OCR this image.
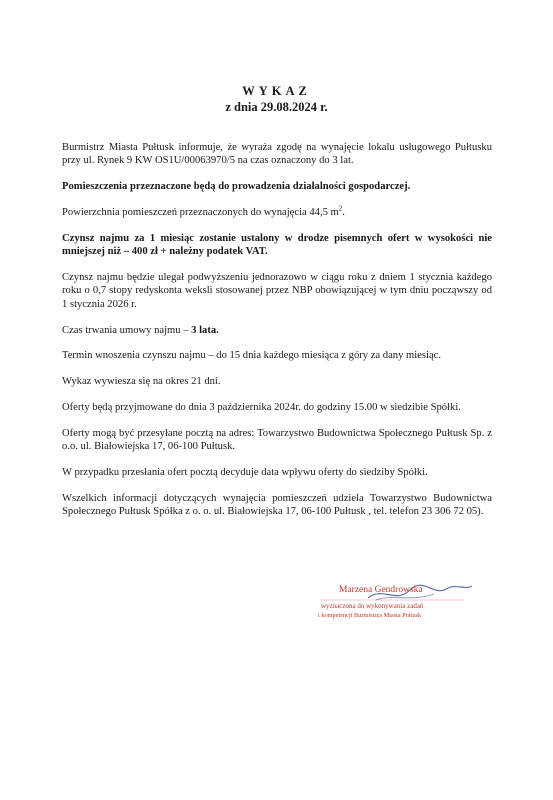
WYKAZ
z dnia 29.08.2024 r.

Burmistrz Miasta Pułtusk informuje, że wyraża zgodę na wynajęcie lokalu usługowego Pułtusku przy ul. Rynek 9 KW OS1U/00063970/5 na czas oznaczony do 3 lat.

Pomieszczenia przeznaczone będą do prowadzenia działalności gospodarczej.

Powierzchnia pomieszczeń przeznaczonych do wynajęcia 44,5 $m^2$.

Czynsz najmu za 1 miesiąc zostanie ustalony w drodze pisemnych ofert w wysokości nie mniejszej niż – 400 zł + należny podatek VAT.

Czynsz najmu będzie ulegał podwyższeniu jednorazowo w ciągu roku z dniem 1 stycznia każdego roku o 0,7 stopy redyskonta weksli stosowanej przez NBP obowiązującej w tym dniu począwszy od 1 stycznia 2026 r.

Czas trwania umowy najmu – 3 lata.

Termin wnoszenia czynszu najmu – do 15 dnia każdego miesiąca z góry za dany miesiąc.

Wykaz wywiesza się na okres 21 dni.

Oferty będą przyjmowane do dnia 3 października 2024r. do godziny 15.00 w siedzibie Spółki.

Oferty mogą być przesyłane pocztą na adres: Towarzystwo Budownictwa Społecznego Pułtusk Sp. z o.o. ul. Białowiejska 17, 06-100 Pułtusk.

W przypadku przesłania ofert pocztą decyduje data wpływu oferty do siedziby Spółki.

Wszelkich informacji dotyczących wynajęcia pomieszczeń udziela Towarzystwo Budownictwa Społecznego Pułtusk Spółka z o. o. ul. Białowiejska 17, 06-100 Pułtusk , tel. telefon 23 306 72 05).

Marzena Gendrowska
wyznaczona do wykonywania zadań
i kompetencji Burmistrza Miasta Pułtusk
